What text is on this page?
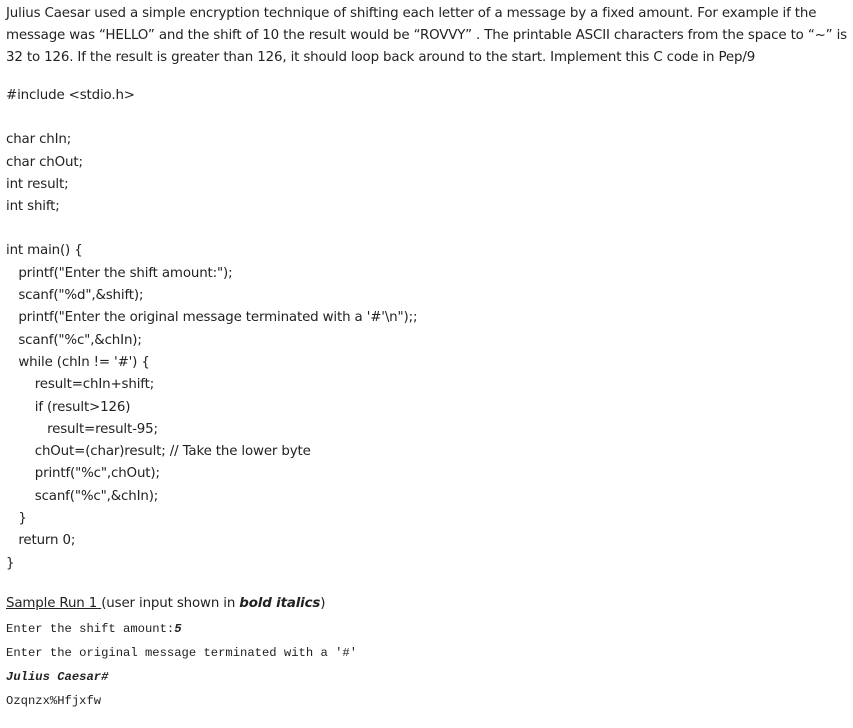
Julius Caesar used a simple encryption technique of shifting each letter of a message by a fixed amount. For example if the message was “HELLO” and the shift of 10 the result would be “ROVVY” . The printable ASCII characters from the space to “~” is 32 to 126. If the result is greater than 126, it should loop back around to the start. Implement this C code in Pep/9

#include <stdio.h>
char chIn;
char chOut;
int result;
int shift;
int main() {
printf("Enter the shift amount:");
scanf("%d",&shift);
printf("Enter the original message terminated with a '#'\n");;
scanf("%c",&chIn);
while (chIn != '#') {
result=chIn+shift;
if (result>126)
result=result-95;
chOut=(char)result; // Take the lower byte
printf("%c",chOut);
scanf("%c",&chIn);
}
return 0;
}

Sample Run 1 (user input shown in bold italics)

Enter the shift amount:5
Enter the original message terminated with a '#'
Julius Caesar#
Ozqnzx%Hfjxfw
